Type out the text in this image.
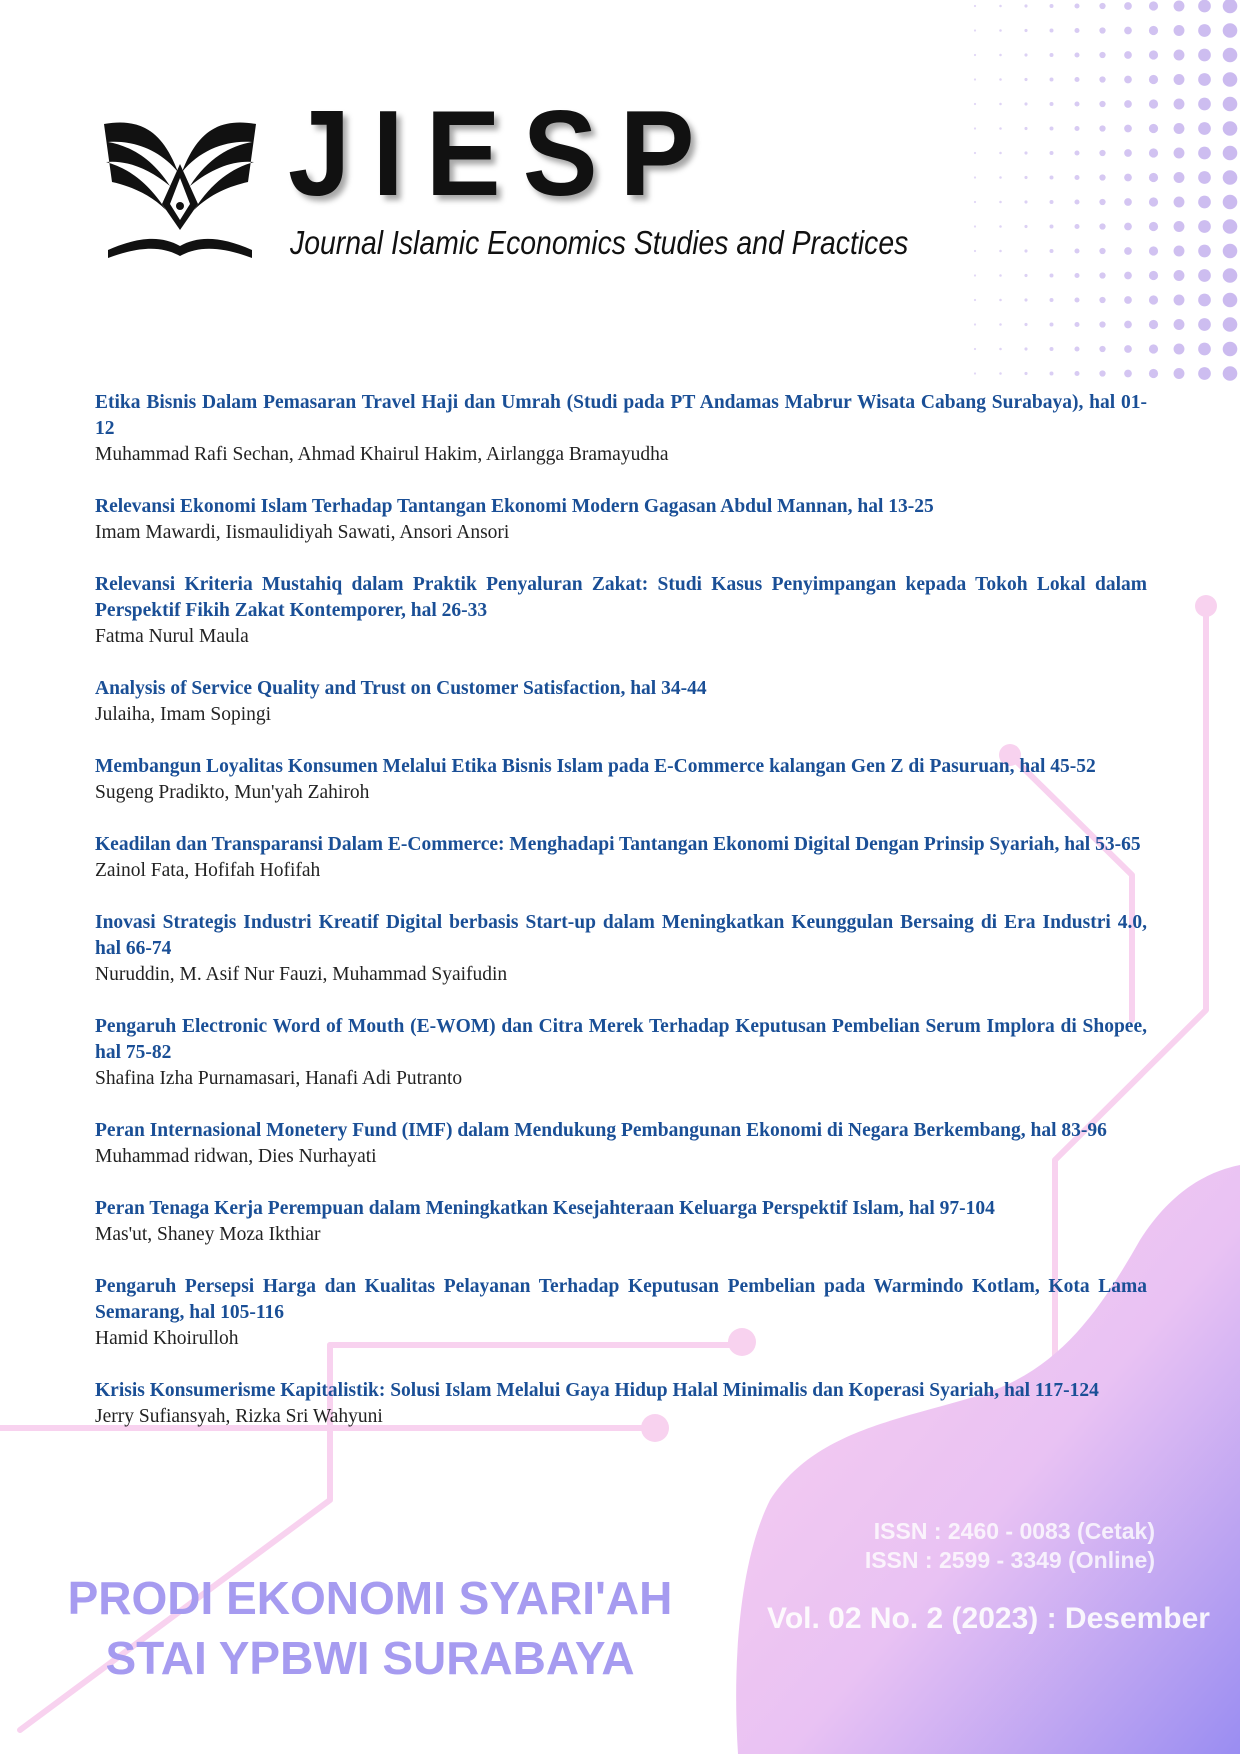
JIESP
Journal Islamic Economics Studies and Practices

Etika Bisnis Dalam Pemasaran Travel Haji dan Umrah (Studi pada PT Andamas Mabrur Wisata Cabang Surabaya), hal 01-12

Muhammad Rafi Sechan, Ahmad Khairul Hakim, Airlangga Bramayudha

Relevansi Ekonomi Islam Terhadap Tantangan Ekonomi Modern Gagasan Abdul Mannan, hal 13-25

Imam Mawardi, Iismaulidiyah Sawati, Ansori Ansori

Relevansi Kriteria Mustahiq dalam Praktik Penyaluran Zakat: Studi Kasus Penyimpangan kepada Tokoh Lokal dalam Perspektif Fikih Zakat Kontemporer, hal 26-33

Fatma Nurul Maula

Analysis of Service Quality and Trust on Customer Satisfaction, hal 34-44

Julaiha, Imam Sopingi

Membangun Loyalitas Konsumen Melalui Etika Bisnis Islam pada E-Commerce kalangan Gen Z di Pasuruan, hal 45-52

Sugeng Pradikto, Mun'yah Zahiroh

Keadilan dan Transparansi Dalam E-Commerce: Menghadapi Tantangan Ekonomi Digital Dengan Prinsip Syariah, hal 53-65

Zainol Fata, Hofifah Hofifah

Inovasi Strategis Industri Kreatif Digital berbasis Start-up dalam Meningkatkan Keunggulan Bersaing di Era Industri 4.0, hal 66-74

Nuruddin, M. Asif Nur Fauzi, Muhammad Syaifudin

Pengaruh Electronic Word of Mouth (E-WOM) dan Citra Merek Terhadap Keputusan Pembelian Serum Implora di Shopee, hal 75-82

Shafina Izha Purnamasari, Hanafi Adi Putranto

Peran Internasional Monetery Fund (IMF) dalam Mendukung Pembangunan Ekonomi di Negara Berkembang, hal 83-96

Muhammad ridwan, Dies Nurhayati

Peran Tenaga Kerja Perempuan dalam Meningkatkan Kesejahteraan Keluarga Perspektif Islam, hal 97-104

Mas'ut, Shaney Moza Ikthiar

Pengaruh Persepsi Harga dan Kualitas Pelayanan Terhadap Keputusan Pembelian pada Warmindo Kotlam, Kota Lama Semarang, hal 105-116

Hamid Khoirulloh

Krisis Konsumerisme Kapitalistik: Solusi Islam Melalui Gaya Hidup Halal Minimalis dan Koperasi Syariah, hal 117-124

Jerry Sufiansyah, Rizka Sri Wahyuni

ISSN : 2460 - 0083 (Cetak)
ISSN : 2599 - 3349 (Online)
Vol. 02 No. 2 (2023) : Desember
PRODI EKONOMI SYARI'AH
STAI YPBWI SURABAYA
